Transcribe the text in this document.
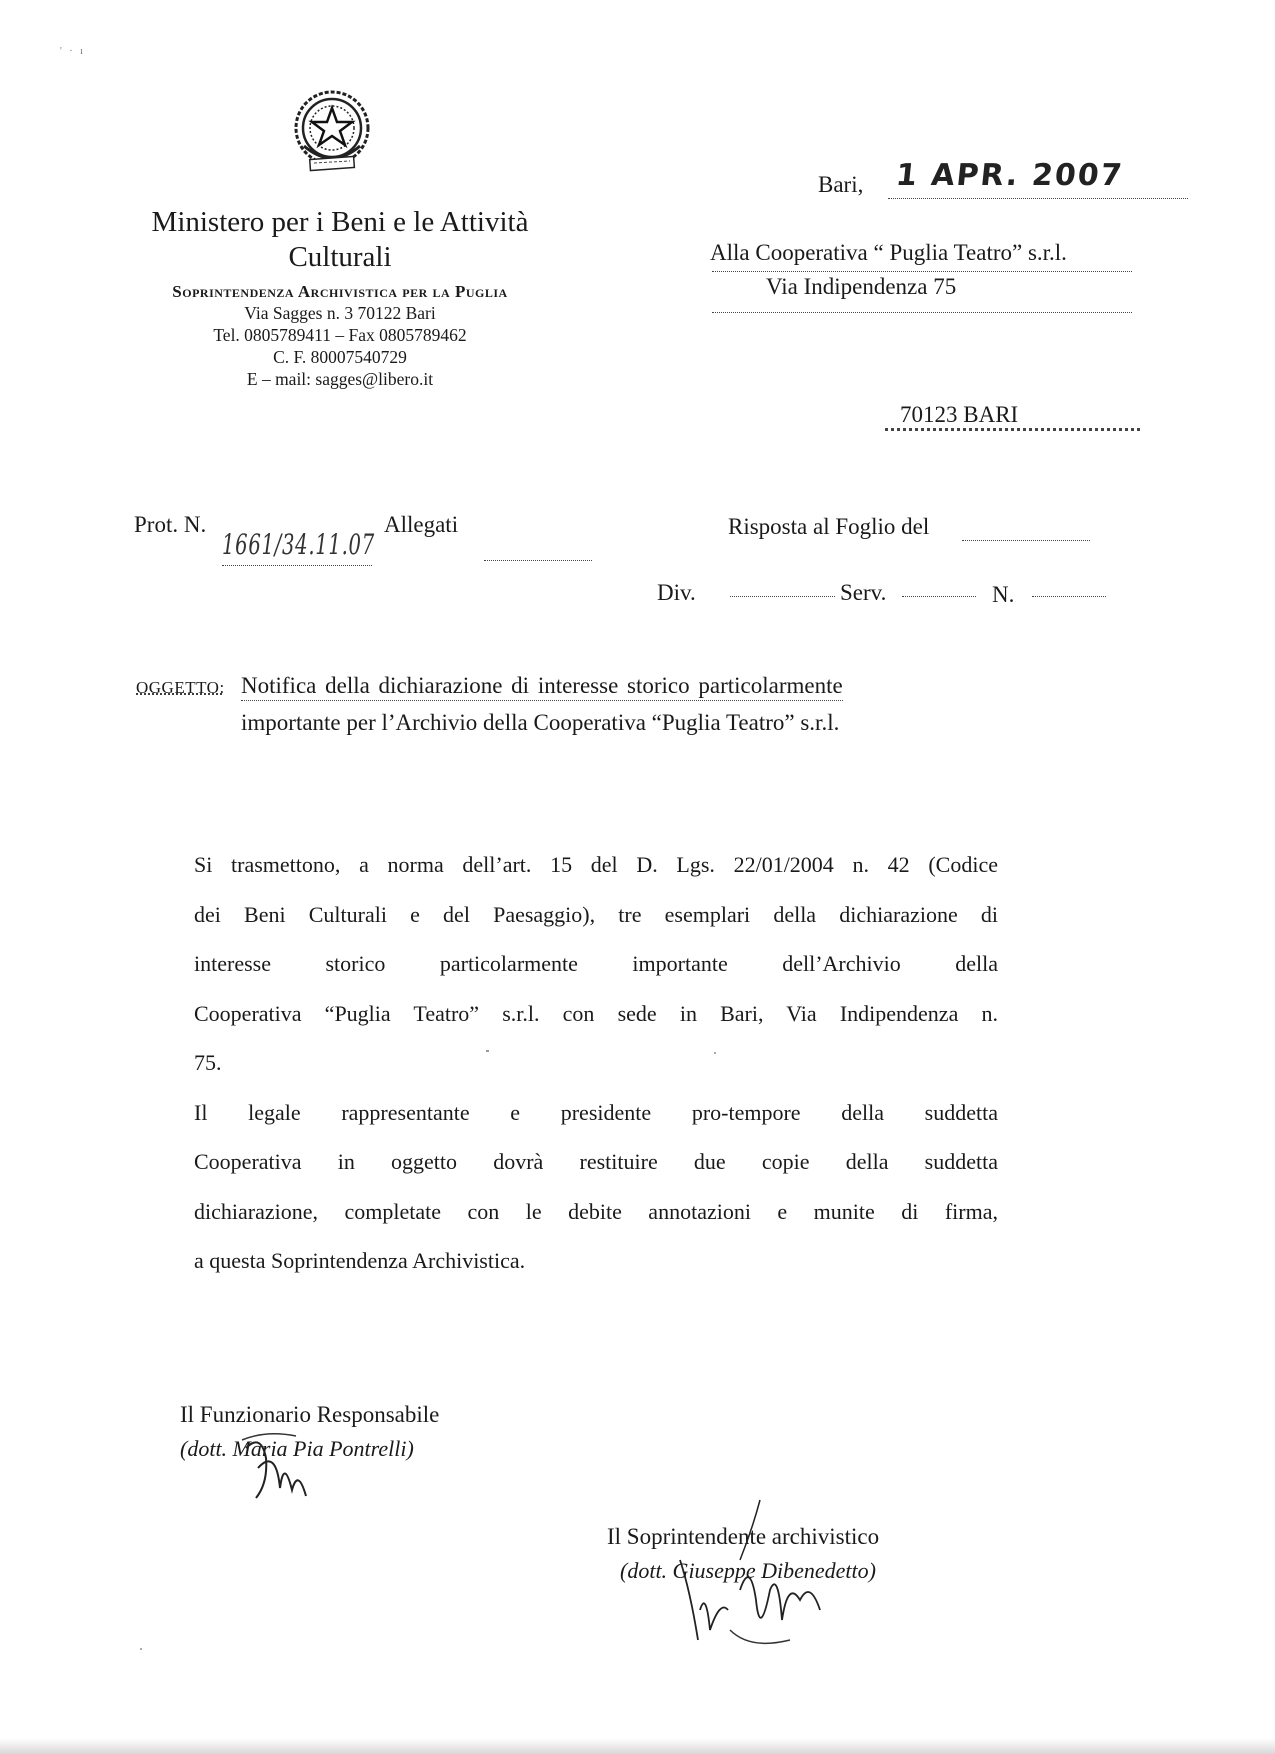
'   ·   ı
Ministero per i Beni e le Attività Culturali
Soprintendenza Archivistica per la Puglia
Via Sagges n. 3 70122 Bari
Tel. 0805789411 – Fax 0805789462
C. F. 80007540729
E – mail: sagges@libero.it
Bari, 1 APR. 2007
Alla Cooperativa “ Puglia Teatro” s.r.l.
Via Indipendenza 75
70123 BARI
Prot. N.
1661/34.11.07
Allegati	Risposta al Foglio del
Div.	Serv.	N.
OGGETTO: Notifica della dichiarazione di interesse storico particolarmente
importante per l’Archivio della Cooperativa “Puglia Teatro” s.r.l.

Si trasmettono, a norma dell’art. 15 del D. Lgs. 22/01/2004 n. 42 (Codice

dei Beni Culturali e del Paesaggio), tre esemplari della dichiarazione di

interesse storico particolarmente importante dell’Archivio della

Cooperativa “Puglia Teatro” s.r.l. con sede in Bari, Via Indipendenza n.

75.

Il legale rappresentante e presidente pro-tempore della suddetta

Cooperativa in oggetto dovrà restituire due copie della suddetta

dichiarazione, completate con le debite annotazioni e munite di firma,

a questa Soprintendenza Archivistica.

Il Funzionario Responsabile
(dott. Maria Pia Pontrelli)
Il Soprintendente archivistico
(dott. Giuseppe Dibenedetto)
